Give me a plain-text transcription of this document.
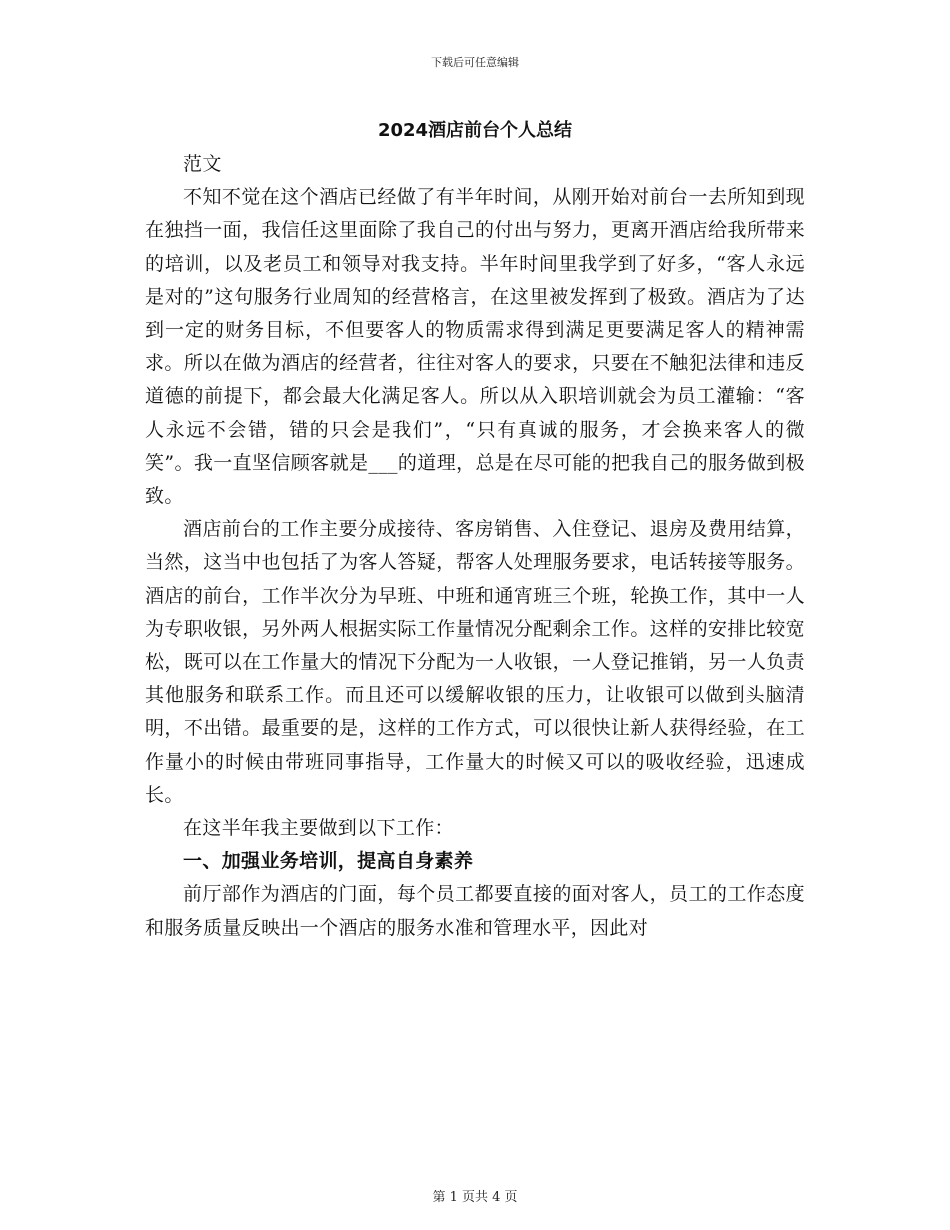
下载后可任意编辑
2024酒店前台个人总结

范文

不知不觉在这个酒店已经做了有半年时间，从刚开始对前台一去所知到现在独挡一面，我信任这里面除了我自己的付出与努力，更离开酒店给我所带来的培训，以及老员工和领导对我支持。半年时间里我学到了好多，“客人永远是对的”这句服务行业周知的经营格言，在这里被发挥到了极致。酒店为了达到一定的财务目标，不但要客人的物质需求得到满足更要满足客人的精神需求。所以在做为酒店的经营者，往往对客人的要求，只要在不触犯法律和违反道德的前提下，都会最大化满足客人。所以从入职培训就会为员工灌输：“客人永远不会错，错的只会是我们”，“只有真诚的服务，才会换来客人的微笑”。我一直坚信顾客就是___的道理，总是在尽可能的把我自己的服务做到极致。

酒店前台的工作主要分成接待、客房销售、入住登记、退房及费用结算，当然，这当中也包括了为客人答疑，帮客人处理服务要求，电话转接等服务。酒店的前台，工作半次分为早班、中班和通宵班三个班，轮换工作，其中一人为专职收银，另外两人根据实际工作量情况分配剩余工作。这样的安排比较宽松，既可以在工作量大的情况下分配为一人收银，一人登记推销，另一人负责其他服务和联系工作。而且还可以缓解收银的压力，让收银可以做到头脑清明，不出错。最重要的是，这样的工作方式，可以很快让新人获得经验，在工作量小的时候由带班同事指导，工作量大的时候又可以的吸收经验，迅速成长。

在这半年我主要做到以下工作：

一、加强业务培训，提高自身素养

前厅部作为酒店的门面，每个员工都要直接的面对客人，员工的工作态度和服务质量反映出一个酒店的服务水准和管理水平，因此对

第 1 页共 4 页
